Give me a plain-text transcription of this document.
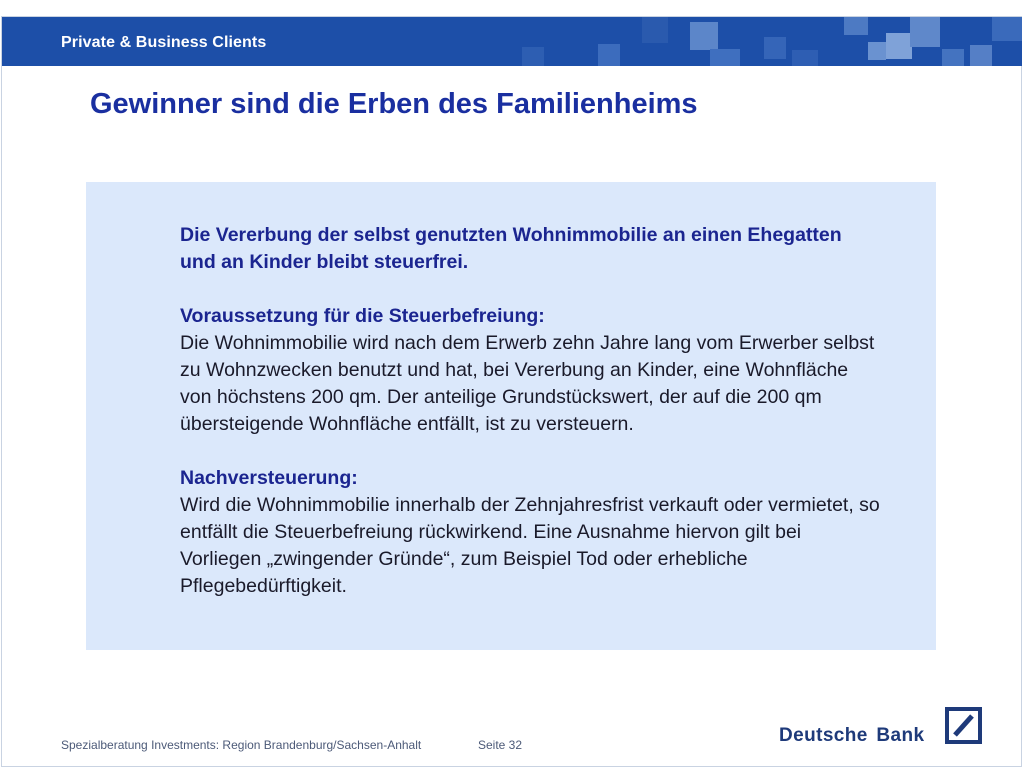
Private & Business Clients
Gewinner sind die Erben des Familienheims

Die Vererbung der selbst genutzten Wohnimmobilie an einen Ehegatten und an Kinder bleibt steuerfrei.

Voraussetzung für die Steuerbefreiung:

Die Wohnimmobilie wird nach dem Erwerb zehn Jahre lang vom Erwerber selbst zu Wohnzwecken benutzt und hat, bei Vererbung an Kinder, eine Wohnfläche von höchstens 200 qm. Der anteilige Grundstückswert, der auf die 200 qm übersteigende Wohnfläche entfällt, ist zu versteuern.

Nachversteuerung:

Wird die Wohnimmobilie innerhalb der Zehnjahresfrist verkauft oder vermietet, so entfällt die Steuerbefreiung rückwirkend. Eine Ausnahme hiervon gilt bei Vorliegen „zwingender Gründe“, zum Beispiel Tod oder erhebliche Pflegebedürftigkeit.

Spezialberatung Investments: Region Brandenburg/Sachsen-Anhalt	Seite 32	Deutsche Bank
